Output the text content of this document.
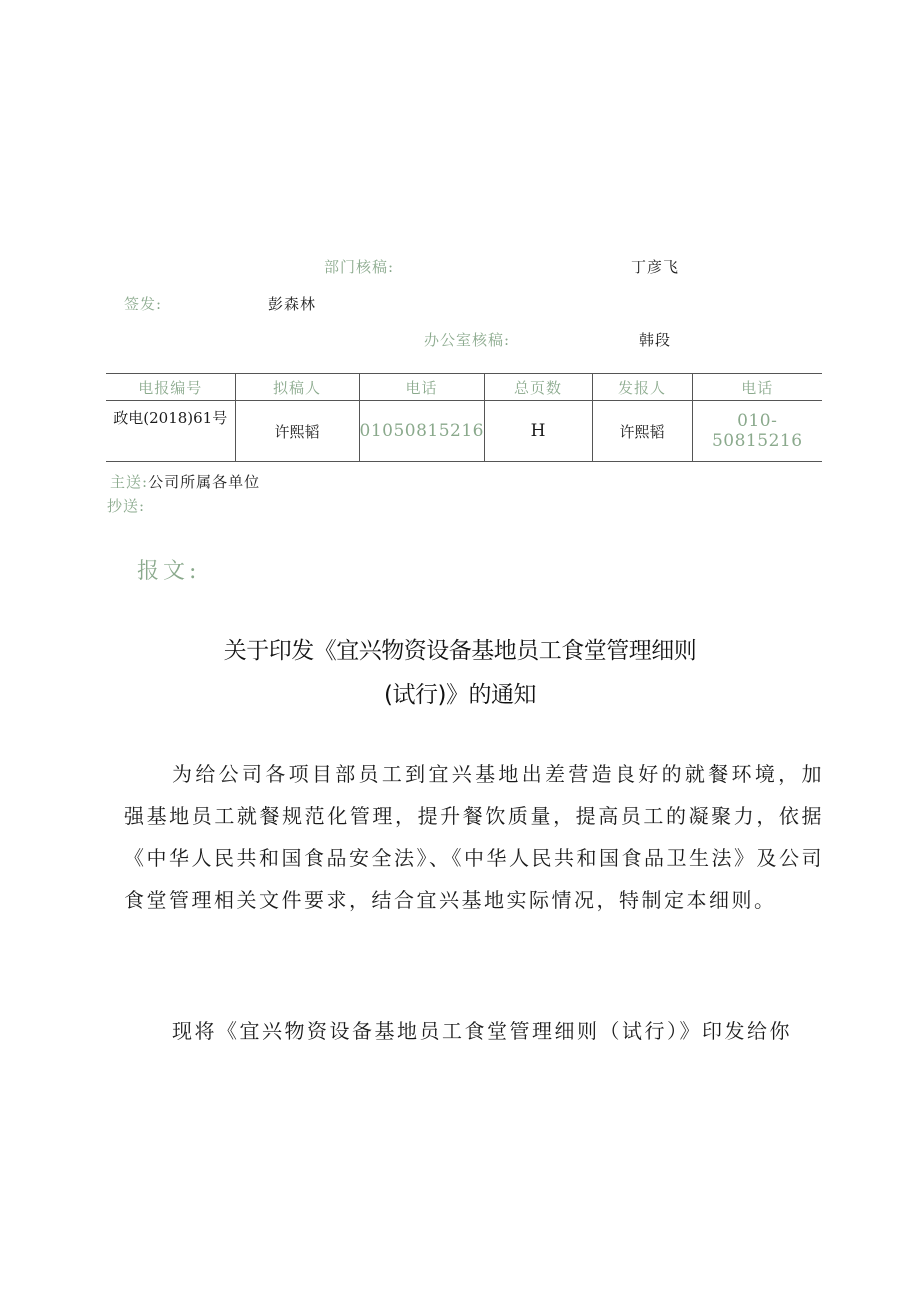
部门核稿:	丁彦飞
签发:	彭森林
办公室核稿:	韩段
电报编号	拟稿人	电话	总页数	发报人	电话
政电(2018)61号	许熙韬	01050815216	H	许熙韬	010-50815216
主送:公司所属各单位
抄送:
报文:
关于印发《宜兴物资设备基地员工食堂管理细则
(试行)》的通知
为给公司各项目部员工到宜兴基地出差营造良好的就餐环境，加强基地员工就餐规范化管理，提升餐饮质量，提高员工的凝聚力，依据《中华人民共和国食品安全法》、《中华人民共和国食品卫生法》及公司食堂管理相关文件要求，结合宜兴基地实际情况，特制定本细则。
现将《宜兴物资设备基地员工食堂管理细则（试行）》印发给你
